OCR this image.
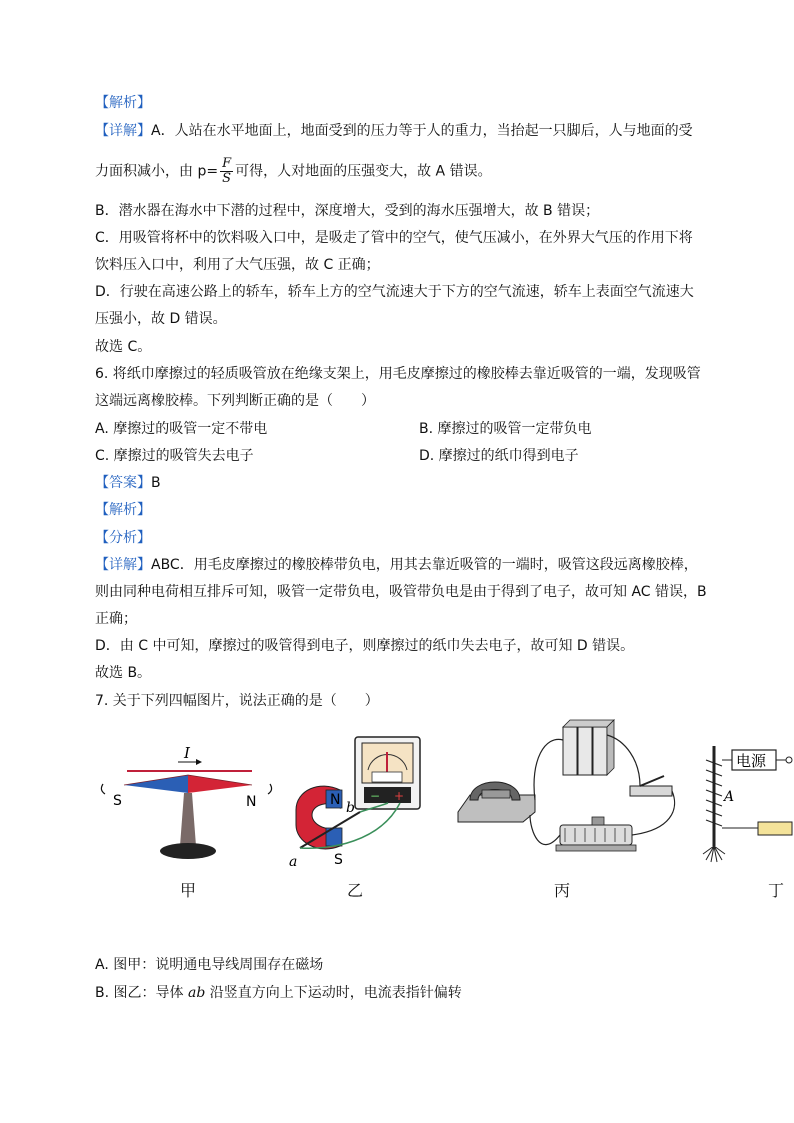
【解析】
【详解】A．人站在水平地面上，地面受到的压力等于人的重力，当抬起一只脚后，人与地面的受
力面积减小，由 $p= \frac{F}{S}$ 可得，人对地面的压强变大，故 A 错误。
B．潜水器在海水中下潜的过程中，深度增大，受到的海水压强增大，故 B 错误；
C．用吸管将杯中的饮料吸入口中，是吸走了管中的空气，使气压减小，在外界大气压的作用下将
饮料压入口中，利用了大气压强，故 C 正确；
D．行驶在高速公路上的轿车，轿车上方的空气流速大于下方的空气流速，轿车上表面空气流速大
压强小，故 D 错误。
故选 C。
6. 将纸巾摩擦过的轻质吸管放在绝缘支架上，用毛皮摩擦过的橡胶棒去靠近吸管的一端，发现吸管
这端远离橡胶棒。下列判断正确的是（　　）
A. 摩擦过的吸管一定不带电	B. 摩擦过的吸管一定带负电
C. 摩擦过的吸管失去电子	D. 摩擦过的纸巾得到电子
【答案】B
【解析】
【分析】
【详解】ABC．用毛皮摩擦过的橡胶棒带负电，用其去靠近吸管的一端时，吸管这段远离橡胶棒，
则由同种电荷相互排斥可知，吸管一定带负电，吸管带负电是由于得到了电子，故可知 AC 错误，B
正确；
D．由 C 中可知，摩擦过的吸管得到电子，则摩擦过的纸巾失去电子，故可知 D 错误。
故选 B。
7. 关于下列四幅图片，说法正确的是（　　）
I
S	N	− +
N
S
b
a
电源
A
甲	乙	丙	丁
A. 图甲：说明通电导线周围存在磁场
B. 图乙：导体 ab 沿竖直方向上下运动时，电流表指针偏转
